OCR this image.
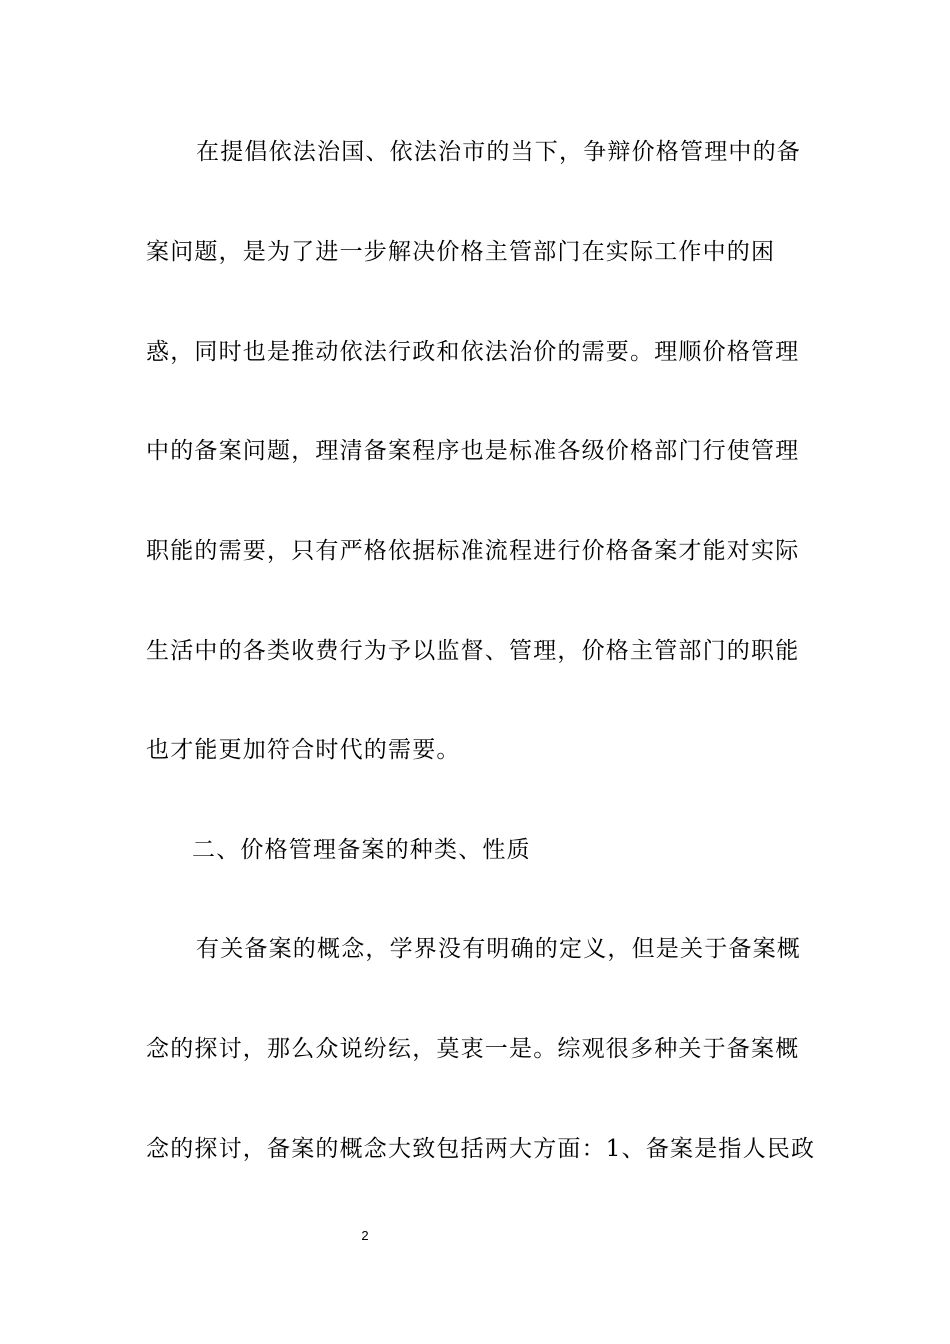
在提倡依法治国、依法治市的当下，争辩价格管理中的备
案问题，是为了进一步解决价格主管部门在实际工作中的困
惑，同时也是推动依法行政和依法治价的需要。理顺价格管理
中的备案问题，理清备案程序也是标准各级价格部门行使管理
职能的需要，只有严格依据标准流程进行价格备案才能对实际
生活中的各类收费行为予以监督、管理，价格主管部门的职能
也才能更加符合时代的需要。
二、价格管理备案的种类、性质
有关备案的概念，学界没有明确的定义，但是关于备案概
念的探讨，那么众说纷纭，莫衷一是。综观很多种关于备案概
念的探讨，备案的概念大致包括两大方面：1、备案是指人民政
2
